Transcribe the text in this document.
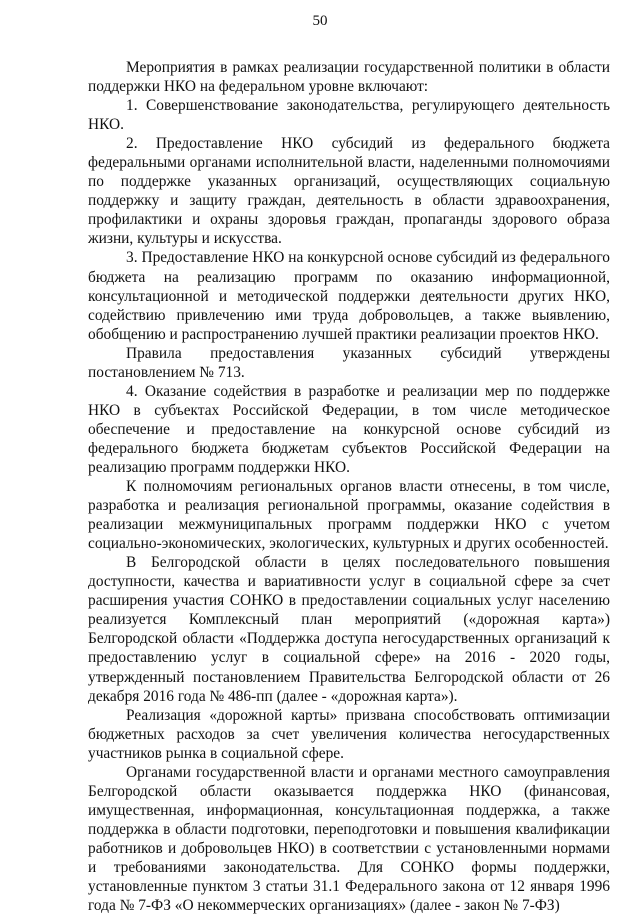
50

Мероприятия в рамках реализации государственной политики в области поддержки НКО на федеральном уровне включают:

1. Совершенствование законодательства, регулирующего деятельность НКО.

2. Предоставление НКО субсидий из федерального бюджета федеральными органами исполнительной власти, наделенными полномочиями по поддержке указанных организаций, осуществляющих социальную поддержку и защиту граждан, деятельность в области здравоохранения, профилактики и охраны здоровья граждан, пропаганды здорового образа жизни, культуры и искусства.

3. Предоставление НКО на конкурсной основе субсидий из федерального бюджета на реализацию программ по оказанию информационной, консультационной и методической поддержки деятельности других НКО, содействию привлечению ими труда добровольцев, а также выявлению, обобщению и распространению лучшей практики реализации проектов НКО.

Правила предоставления указанных субсидий утверждены постановлением № 713.

4. Оказание содействия в разработке и реализации мер по поддержке НКО в субъектах Российской Федерации, в том числе методическое обеспечение и предоставление на конкурсной основе субсидий из федерального бюджета бюджетам субъектов Российской Федерации на реализацию программ поддержки НКО.

К полномочиям региональных органов власти отнесены, в том числе, разработка и реализация региональной программы, оказание содействия в реализации межмуниципальных программ поддержки НКО с учетом социально-экономических, экологических, культурных и других особенностей.

В Белгородской области в целях последовательного повышения доступности, качества и вариативности услуг в социальной сфере за счет расширения участия СОНКО в предоставлении социальных услуг населению реализуется Комплексный план мероприятий («дорожная карта») Белгородской области «Поддержка доступа негосударственных организаций к предоставлению услуг в социальной сфере» на 2016 - 2020 годы, утвержденный постановлением Правительства Белгородской области от 26 декабря 2016 года № 486-пп (далее - «дорожная карта»).

Реализация «дорожной карты» призвана способствовать оптимизации бюджетных расходов за счет увеличения количества негосударственных участников рынка в социальной сфере.

Органами государственной власти и органами местного самоуправления Белгородской области оказывается поддержка НКО (финансовая, имущественная, информационная, консультационная поддержка, а также поддержка в области подготовки, переподготовки и повышения квалификации работников и добровольцев НКО) в соответствии с установленными нормами и требованиями законодательства. Для СОНКО формы поддержки, установленные пунктом 3 статьи 31.1 Федерального закона от 12 января 1996 года № 7-ФЗ «О некоммерческих организациях» (далее - закон № 7-ФЗ)
